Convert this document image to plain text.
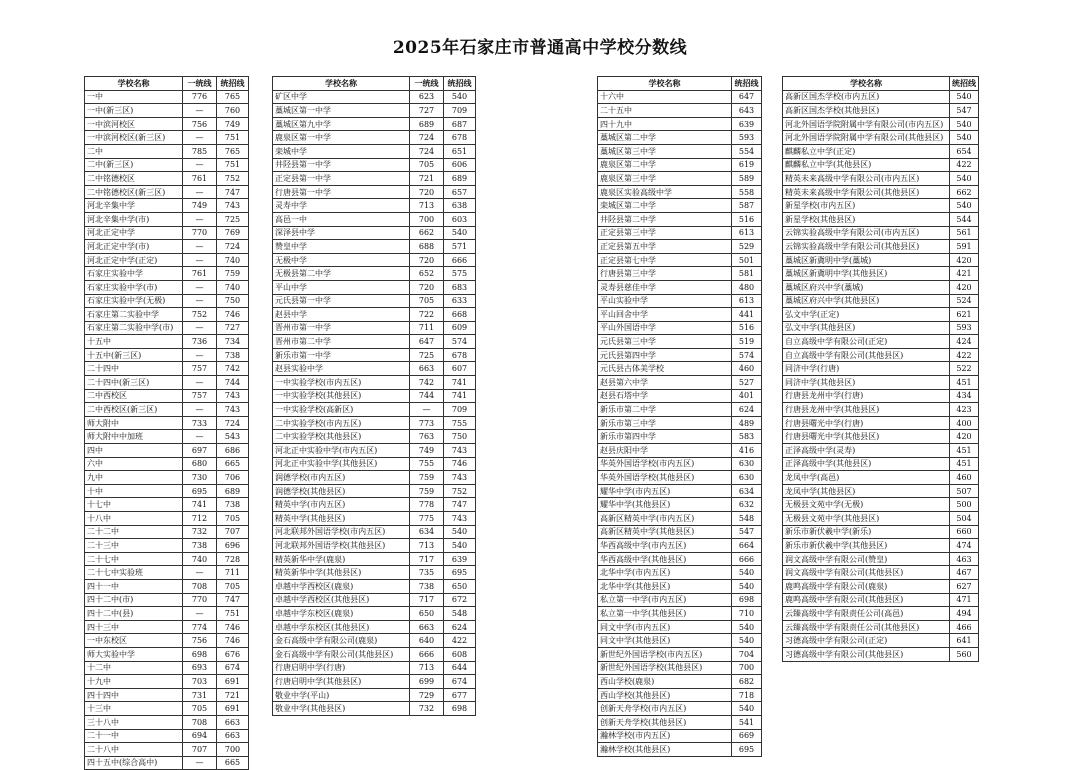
2025年石家庄市普通高中学校分数线
学校名称	一统线	统招线
一中	776	765
一中(新三区)	—	760
一中滨河校区	756	749
一中滨河校区(新三区)	—	751
二中	785	765
二中(新三区)	—	751
二中铭德校区	761	752
二中铭德校区(新三区)	—	747
河北辛集中学	749	743
河北辛集中学(市)	—	725
河北正定中学	770	769
河北正定中学(市)	—	724
河北正定中学(正定)	—	740
石家庄实验中学	761	759
石家庄实验中学(市)	—	740
石家庄实验中学(无极)	—	750
石家庄第二实验中学	752	746
石家庄第二实验中学(市)	—	727
十五中	736	734
十五中(新三区)	—	738
二十四中	757	742
二十四中(新三区)	—	744
二中西校区	757	743
二中西校区(新三区)	—	743
师大附中	733	724
师大附中中加班	—	543
四中	697	686
六中	680	665
九中	730	706
十中	695	689
十七中	741	738
十八中	712	705
二十二中	732	707
二十三中	738	696
二十七中	740	728
二十七中实验班	—	711
四十一中	708	705
四十二中(市)	770	747
四十二中(县)	—	751
四十三中	774	746
一中东校区	756	746
师大实验中学	698	676
十二中	693	674
十九中	703	691
四十四中	731	721
十三中	705	691
三十八中	708	663
二十一中	694	663
二十八中	707	700
四十五中(综合高中)	—	665
学校名称	一统线	统招线
矿区中学	623	540
藁城区第一中学	727	709
藁城区第九中学	689	687
鹿泉区第一中学	724	678
栾城中学	724	651
井陉县第一中学	705	606
正定县第一中学	721	689
行唐县第一中学	720	657
灵寿中学	713	638
高邑一中	700	603
深泽县中学	662	540
赞皇中学	688	571
无极中学	720	666
无极县第二中学	652	575
平山中学	720	683
元氏县第一中学	705	633
赵县中学	722	668
晋州市第一中学	711	609
晋州市第二中学	647	574
新乐市第一中学	725	678
赵县实验中学	663	607
一中实验学校(市内五区)	742	741
一中实验学校(其他县区)	744	741
一中实验学校(高新区)	—	709
二中实验学校(市内五区)	773	755
二中实验学校(其他县区)	763	750
河北正中实验中学(市内五区)	749	743
河北正中实验中学(其他县区)	755	746
润德学校(市内五区)	759	743
润德学校(其他县区)	759	752
精英中学(市内五区)	778	747
精英中学(其他县区)	775	743
河北联邦外国语学校(市内五区)	634	540
河北联邦外国语学校(其他县区)	713	540
精英新华中学(鹿泉)	717	639
精英新华中学(其他县区)	735	695
卓越中学西校区(鹿泉)	738	650
卓越中学西校区(其他县区)	717	672
卓越中学东校区(鹿泉)	650	548
卓越中学东校区(其他县区)	663	624
金石高级中学有限公司(鹿泉)	640	422
金石高级中学有限公司(其他县区)	666	608
行唐启明中学(行唐)	713	644
行唐启明中学(其他县区)	699	674
敬业中学(平山)	729	677
敬业中学(其他县区)	732	698
学校名称	统招线
十六中	647
二十五中	643
四十九中	639
藁城区第二中学	593
藁城区第三中学	554
鹿泉区第二中学	619
鹿泉区第三中学	589
鹿泉区实验高级中学	558
栾城区第二中学	587
井陉县第二中学	516
正定县第三中学	613
正定县第五中学	529
正定县第七中学	501
行唐县第三中学	581
灵寿县慈佳中学	480
平山实验中学	613
平山回舍中学	441
平山外国语中学	516
元氏县第三中学	519
元氏县第四中学	574
元氏县古体美学校	460
赵县第六中学	527
赵县石塔中学	401
新乐市第二中学	624
新乐市第三中学	489
新乐市第四中学	583
赵县庆阳中学	416
华英外国语学校(市内五区)	630
华英外国语学校(其他县区)	630
耀华中学(市内五区)	634
耀华中学(其他县区)	632
高新区精英中学(市内五区)	548
高新区精英中学(其他县区)	547
华西高级中学(市内五区)	664
华西高级中学(其他县区)	666
北华中学(市内五区)	540
北华中学(其他县区)	540
私立第一中学(市内五区)	698
私立第一中学(其他县区)	710
同文中学(市内五区)	540
同文中学(其他县区)	540
新世纪外国语学校(市内五区)	704
新世纪外国语学校(其他县区)	700
西山学校(鹿泉)	682
西山学校(其他县区)	718
创新天舟学校(市内五区)	540
创新天舟学校(其他县区)	541
瀚林学校(市内五区)	669
瀚林学校(其他县区)	695
学校名称	统招线
高新区国杰学校(市内五区)	540
高新区国杰学校(其他县区)	547
河北外国语学院附属中学有限公司(市内五区)	540
河北外国语学院附属中学有限公司(其他县区)	540
麒麟私立中学(正定)	654
麒麟私立中学(其他县区)	422
精英未来高级中学有限公司(市内五区)	540
精英未来高级中学有限公司(其他县区)	662
新星学校(市内五区)	540
新星学校(其他县区)	544
云锦实验高级中学有限公司(市内五区)	561
云锦实验高级中学有限公司(其他县区)	591
藁城区新冀明中学(藁城)	420
藁城区新冀明中学(其他县区)	421
藁城区府兴中学(藁城)	420
藁城区府兴中学(其他县区)	524
弘文中学(正定)	621
弘文中学(其他县区)	593
自立高级中学有限公司(正定)	424
自立高级中学有限公司(其他县区)	422
同济中学(行唐)	522
同济中学(其他县区)	451
行唐县龙州中学(行唐)	434
行唐县龙州中学(其他县区)	423
行唐县曙光中学(行唐)	400
行唐县曙光中学(其他县区)	420
正泽高级中学(灵寿)	451
正泽高级中学(其他县区)	451
龙凤中学(高邑)	460
龙凤中学(其他县区)	507
无极县文苑中学(无极)	500
无极县文苑中学(其他县区)	504
新乐市新伏羲中学(新乐)	660
新乐市新伏羲中学(其他县区)	474
润文高级中学有限公司(赞皇)	463
润文高级中学有限公司(其他县区)	467
鹿鸣高级中学有限公司(鹿泉)	627
鹿鸣高级中学有限公司(其他县区)	471
云臻高级中学有限责任公司(高邑)	494
云臻高级中学有限责任公司(其他县区)	466
习德高级中学有限公司(正定)	641
习德高级中学有限公司(其他县区)	560
